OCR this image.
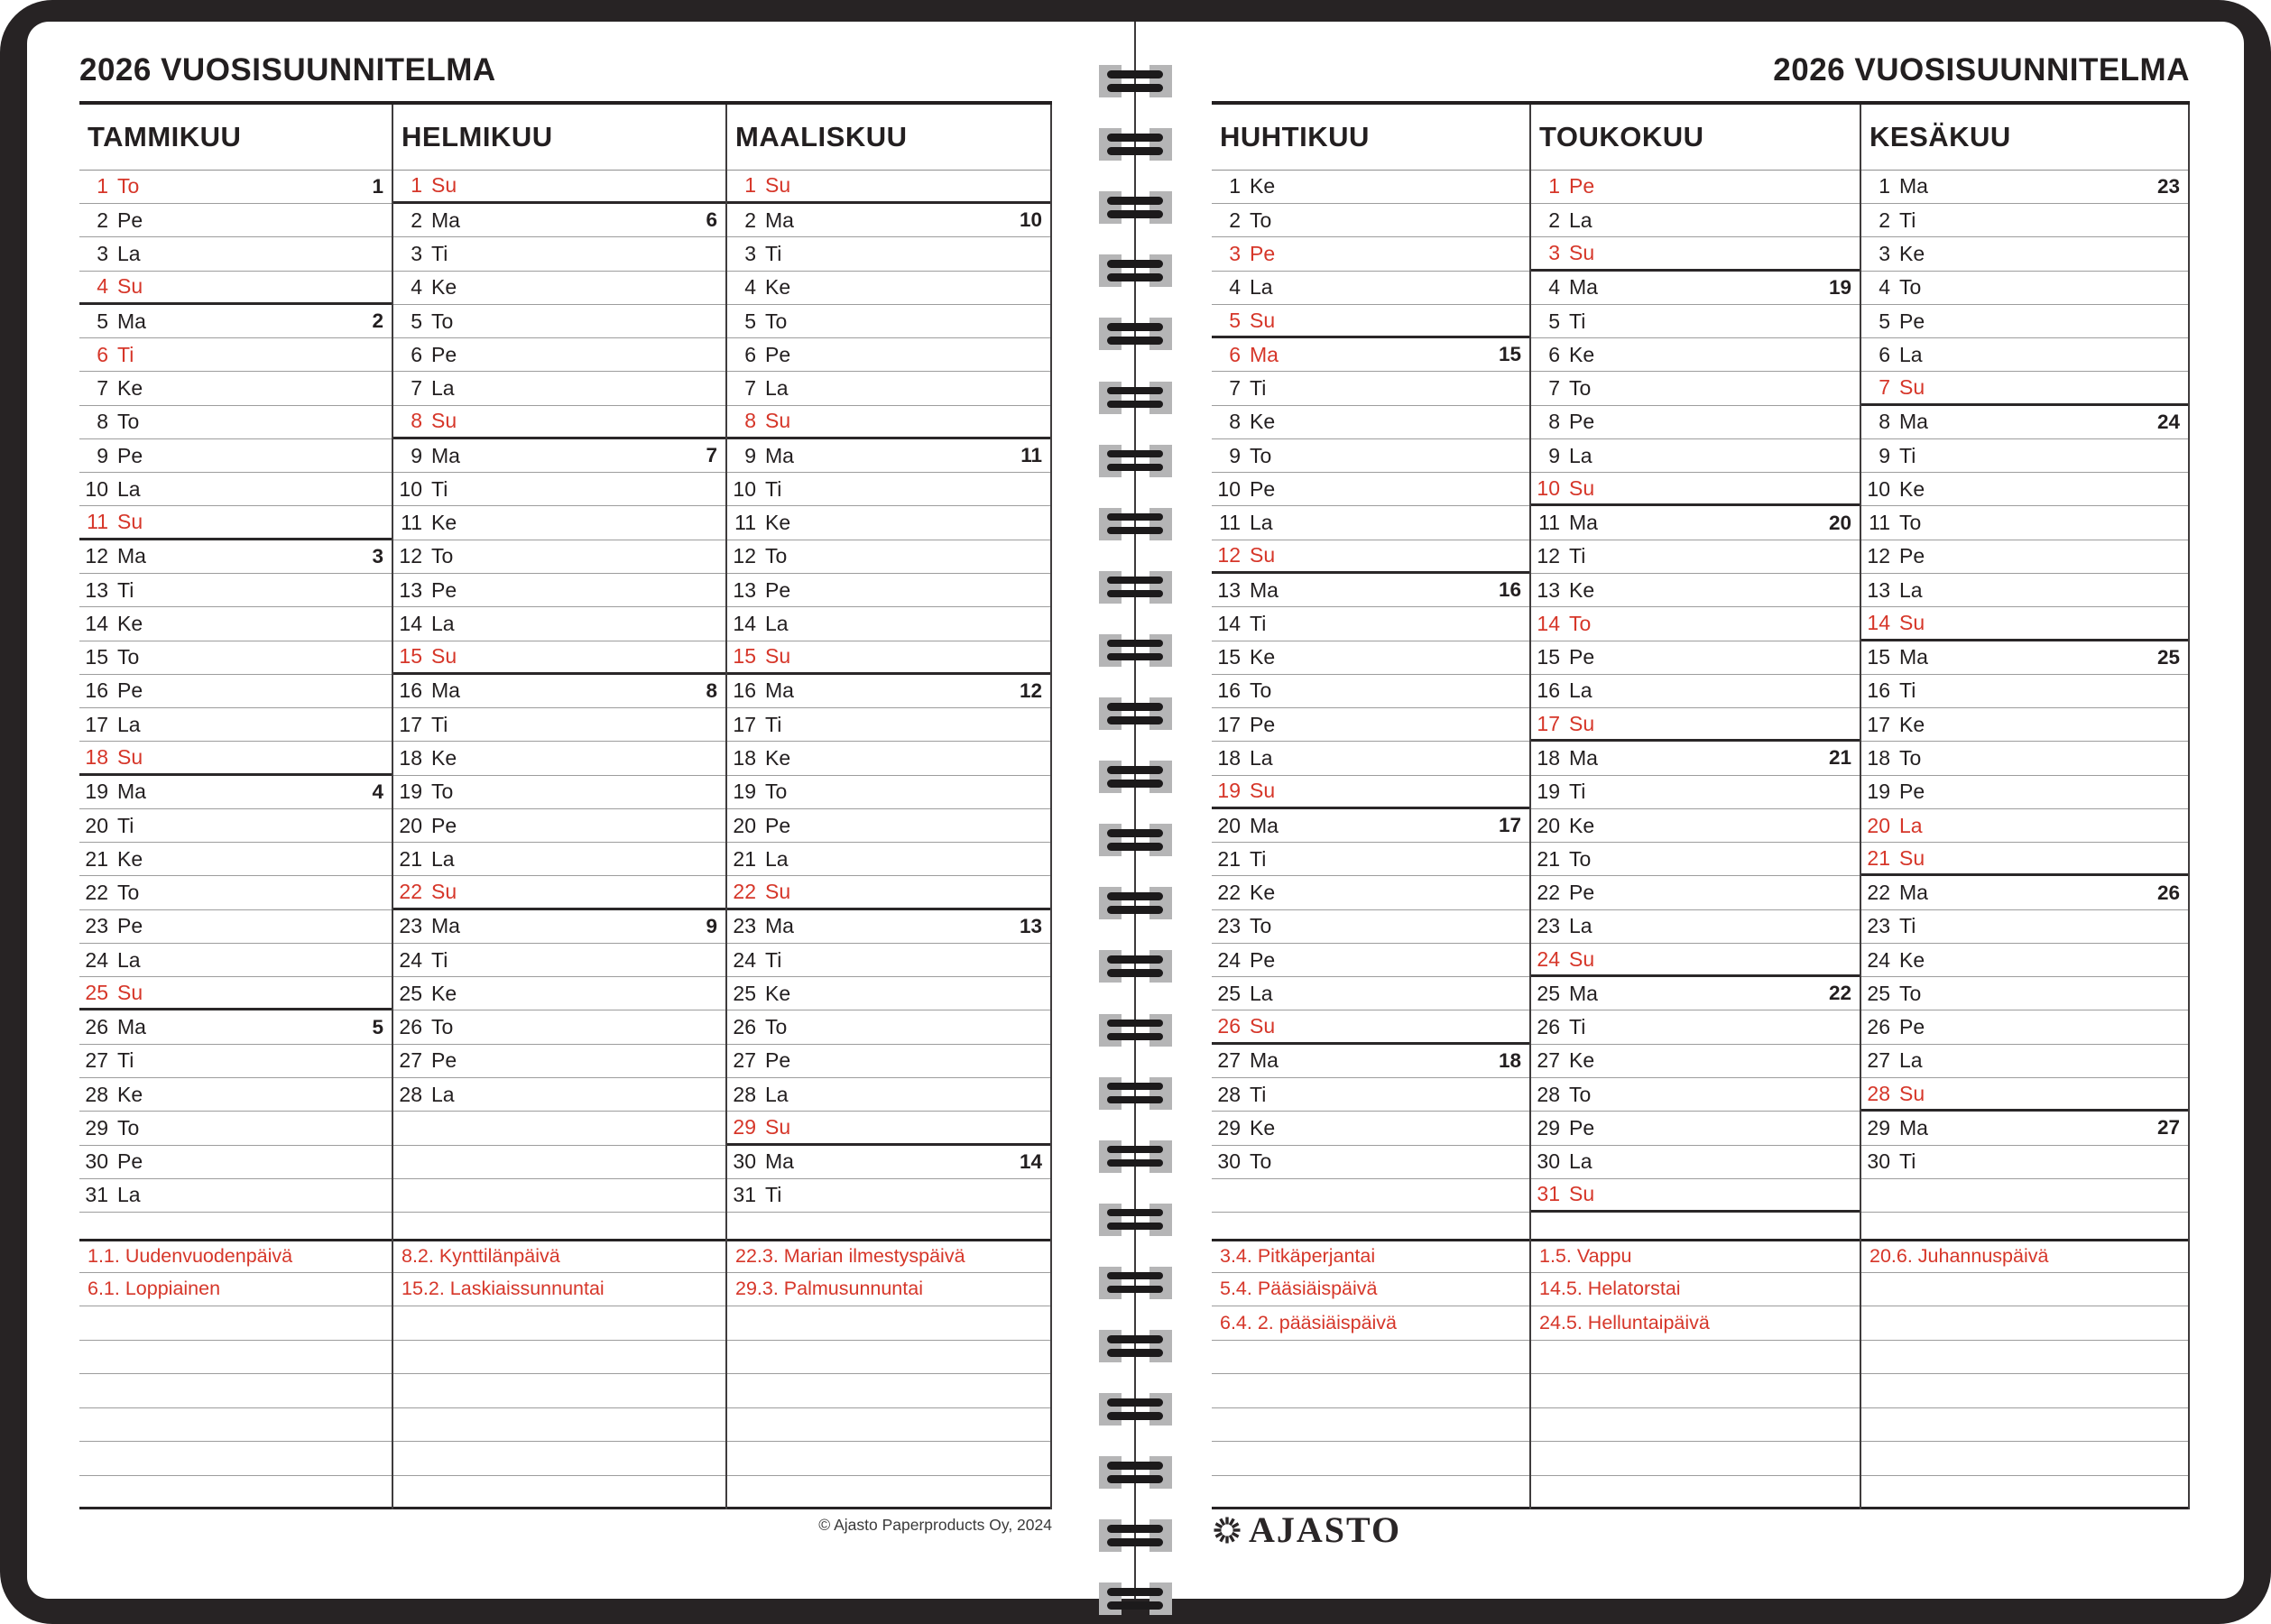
2026 VUOSISUUNNITELMA	2026 VUOSISUUNNITELMA
TAMMIKUU
1 To	1
2 Pe
3 La
4 Su
5 Ma	2
6 Ti
7 Ke
8 To
9 Pe
10 La
11 Su
12 Ma	3
13 Ti
14 Ke
15 To
16 Pe
17 La
18 Su
19 Ma	4
20 Ti
21 Ke
22 To
23 Pe
24 La
25 Su
26 Ma	5
27 Ti
28 Ke
29 To
30 Pe
31 La
1.1. Uudenvuodenpäivä
6.1. Loppiainen
HELMIKUU
1 Su
2 Ma	6
3 Ti
4 Ke
5 To
6 Pe
7 La
8 Su
9 Ma	7
10 Ti
11 Ke
12 To
13 Pe
14 La
15 Su
16 Ma	8
17 Ti
18 Ke
19 To
20 Pe
21 La
22 Su
23 Ma	9
24 Ti
25 Ke
26 To
27 Pe
28 La
8.2. Kynttilänpäivä
15.2. Laskiaissunnuntai
MAALISKUU
1 Su
2 Ma	10
3 Ti
4 Ke
5 To
6 Pe
7 La
8 Su
9 Ma	11
10 Ti
11 Ke
12 To
13 Pe
14 La
15 Su
16 Ma	12
17 Ti
18 Ke
19 To
20 Pe
21 La
22 Su
23 Ma	13
24 Ti
25 Ke
26 To
27 Pe
28 La
29 Su
30 Ma	14
31 Ti
22.3. Marian ilmestyspäivä
29.3. Palmusunnuntai
HUHTIKUU
1 Ke
2 To
3 Pe
4 La
5 Su
6 Ma	15
7 Ti
8 Ke
9 To
10 Pe
11 La
12 Su
13 Ma	16
14 Ti
15 Ke
16 To
17 Pe
18 La
19 Su
20 Ma	17
21 Ti
22 Ke
23 To
24 Pe
25 La
26 Su
27 Ma	18
28 Ti
29 Ke
30 To
3.4. Pitkäperjantai
5.4. Pääsiäispäivä
6.4. 2. pääsiäispäivä
TOUKOKUU
1 Pe
2 La
3 Su
4 Ma	19
5 Ti
6 Ke
7 To
8 Pe
9 La
10 Su
11 Ma	20
12 Ti
13 Ke
14 To
15 Pe
16 La
17 Su
18 Ma	21
19 Ti
20 Ke
21 To
22 Pe
23 La
24 Su
25 Ma	22
26 Ti
27 Ke
28 To
29 Pe
30 La
31 Su
1.5. Vappu
14.5. Helatorstai
24.5. Helluntaipäivä
KESÄKUU
1 Ma	23
2 Ti
3 Ke
4 To
5 Pe
6 La
7 Su
8 Ma	24
9 Ti
10 Ke
11 To
12 Pe
13 La
14 Su
15 Ma	25
16 Ti
17 Ke
18 To
19 Pe
20 La
21 Su
22 Ma	26
23 Ti
24 Ke
25 To
26 Pe
27 La
28 Su
29 Ma	27
30 Ti
20.6. Juhannuspäivä
© Ajasto Paperproducts Oy, 2024	AJASTO
